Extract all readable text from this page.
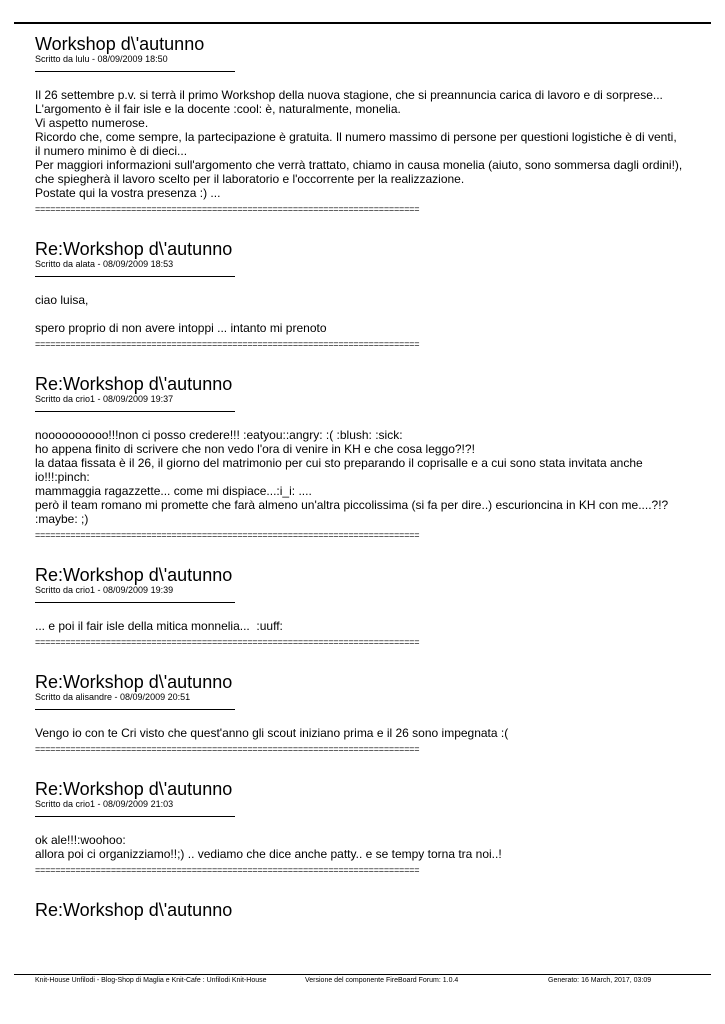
Workshop d\'autunno
Scritto da lulu - 08/09/2009 18:50
Il 26 settembre p.v. si terrà il primo Workshop della nuova stagione, che si preannuncia carica di lavoro e di sorprese...
L'argomento è il fair isle e la docente :cool: è, naturalmente, monelia.
Vi aspetto numerose.
Ricordo che, come sempre, la partecipazione è gratuita. Il numero massimo di persone per questioni logistiche è di venti,
il numero minimo è di dieci...
Per maggiori informazioni sull'argomento che verrà trattato, chiamo in causa monelia (aiuto, sono sommersa dagli ordini!),
che spiegherà il lavoro scelto per il laboratorio e l'occorrente per la realizzazione.
Postate qui la vostra presenza :) ...
============================================================================
Re:Workshop d\'autunno
Scritto da alata - 08/09/2009 18:53
ciao luisa,

spero proprio di non avere intoppi ... intanto mi prenoto
============================================================================
Re:Workshop d\'autunno
Scritto da crio1 - 08/09/2009 19:37
noooooooooo!!!non ci posso credere!!! :eatyou::angry: :( :blush: :sick:
ho appena finito di scrivere che non vedo l'ora di venire in KH e che cosa leggo?!?!
la dataa fissata è il 26, il giorno del matrimonio per cui sto preparando il coprisalle e a cui sono stata invitata anche
io!!!:pinch:
mammaggia ragazzette... come mi dispiace...:i_i: ....
però il team romano mi promette che farà almeno un'altra piccolissima (si fa per dire..) escurioncina in KH con me....?!?
:maybe: ;)
============================================================================
Re:Workshop d\'autunno
Scritto da crio1 - 08/09/2009 19:39
... e poi il fair isle della mitica monnelia...  :uuff:
============================================================================
Re:Workshop d\'autunno
Scritto da alisandre - 08/09/2009 20:51
Vengo io con te Cri visto che quest'anno gli scout iniziano prima e il 26 sono impegnata :(
============================================================================
Re:Workshop d\'autunno
Scritto da crio1 - 08/09/2009 21:03
ok ale!!!:woohoo:
allora poi ci organizziamo!!;) .. vediamo che dice anche patty.. e se tempy torna tra noi..!
============================================================================
Re:Workshop d\'autunno
Knit-House Unfilodi - Blog-Shop di Maglia e Knit-Cafe : Unfilodi Knit-House	Versione del componente FireBoard Forum: 1.0.4	Generato: 16 March, 2017, 03:09
